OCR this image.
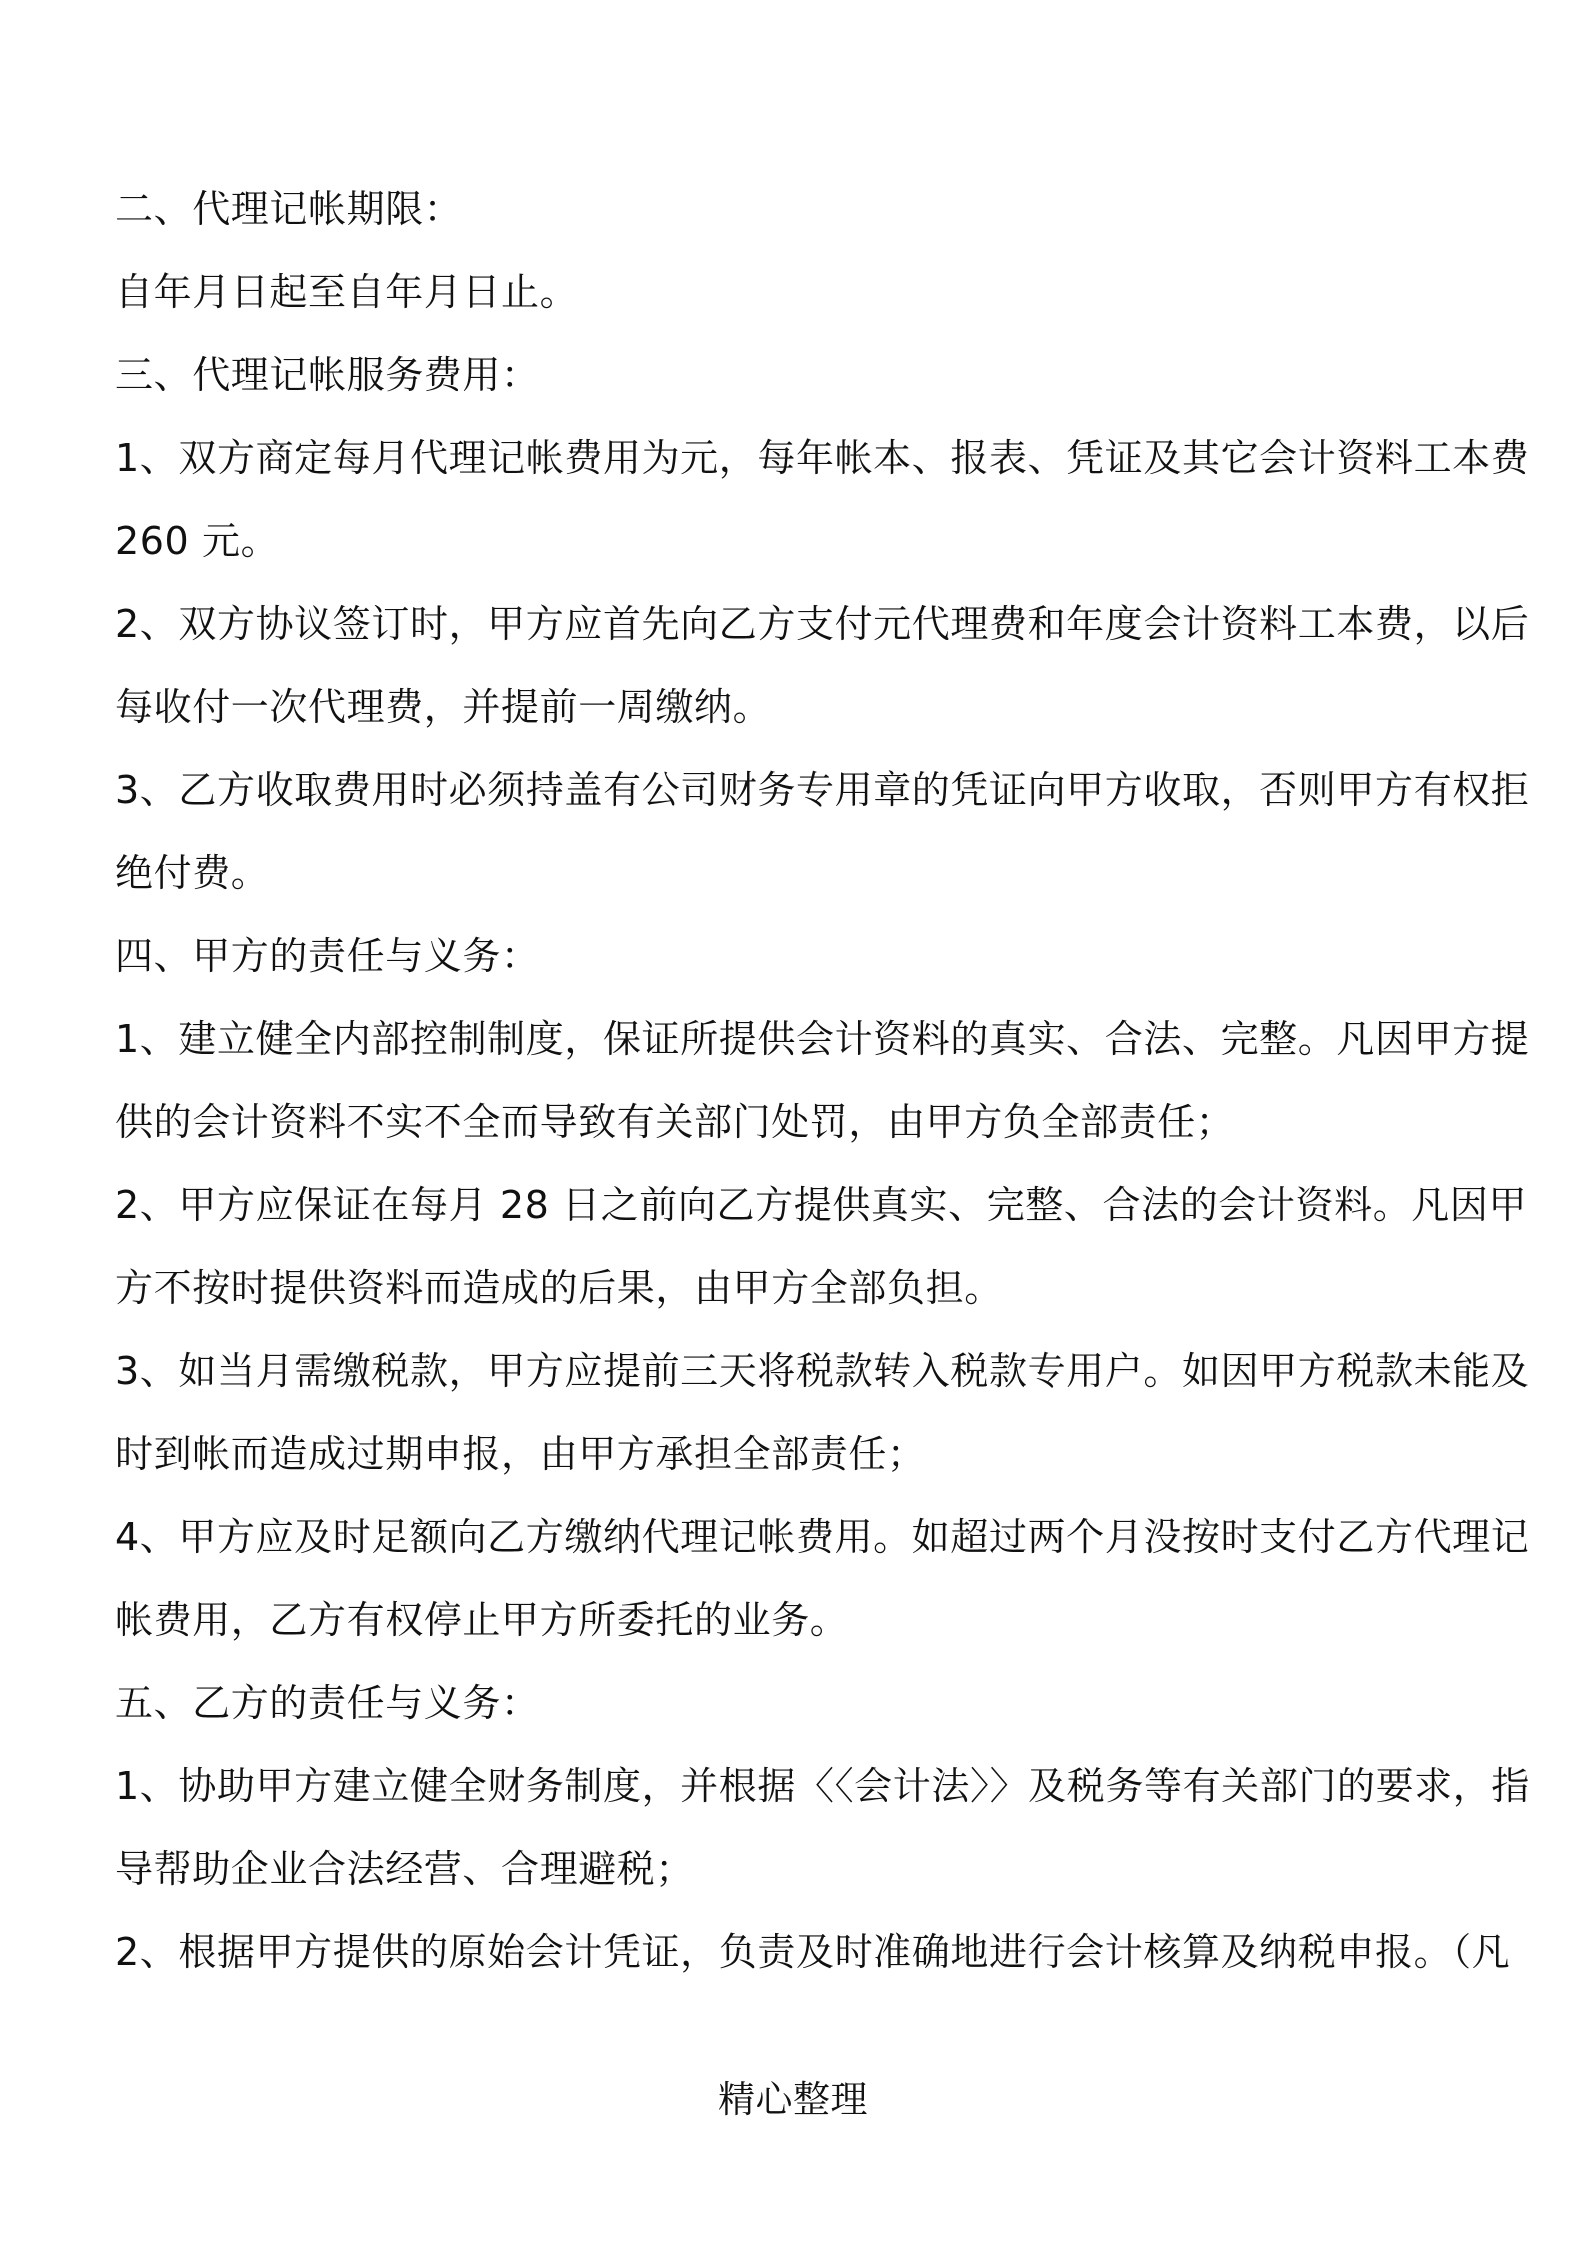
二、代理记帐期限：

自年月日起至自年月日止。

三、代理记帐服务费用：

1、双方商定每月代理记帐费用为元，每年帐本、报表、凭证及其它会计资料工本费

260 元。

2、双方协议签订时，甲方应首先向乙方支付元代理费和年度会计资料工本费，以后

每收付一次代理费，并提前一周缴纳。

3、乙方收取费用时必须持盖有公司财务专用章的凭证向甲方收取，否则甲方有权拒

绝付费。

四、甲方的责任与义务：

1、建立健全内部控制制度，保证所提供会计资料的真实、合法、完整。凡因甲方提

供的会计资料不实不全而导致有关部门处罚，由甲方负全部责任；

2、甲方应保证在每月 28 日之前向乙方提供真实、完整、合法的会计资料。凡因甲

方不按时提供资料而造成的后果，由甲方全部负担。

3、如当月需缴税款，甲方应提前三天将税款转入税款专用户。如因甲方税款未能及

时到帐而造成过期申报，由甲方承担全部责任；

4、甲方应及时足额向乙方缴纳代理记帐费用。如超过两个月没按时支付乙方代理记

帐费用，乙方有权停止甲方所委托的业务。

五、乙方的责任与义务：

1、协助甲方建立健全财务制度，并根据〈〈会计法〉〉及税务等有关部门的要求，指

导帮助企业合法经营、合理避税；

2、根据甲方提供的原始会计凭证，负责及时准确地进行会计核算及纳税申报。（凡

精心整理
